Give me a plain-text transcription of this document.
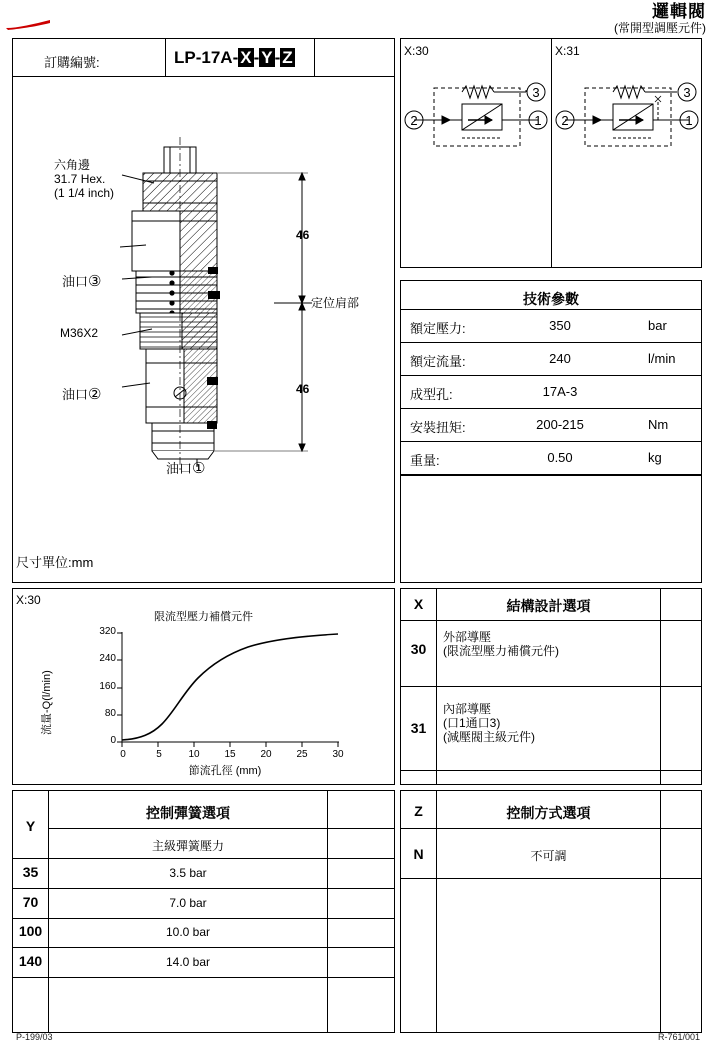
邏輯閥
(常開型調壓元件)
訂購編號:	LP-17A- X - Y - Z
六角邊
31.7 Hex.
(1 1/4 inch)
油口③
M36X2
油口②
油口①
46
46
定位肩部
尺寸單位:mm
X:30	X:31
2	1
3
2	1
3
技術參數
額定壓力:	350	bar
額定流量:	240	l/min
成型孔:	17A-3
安裝扭矩:	200-215	Nm
重量:	0.50	kg
X:30
限流型壓力補償元件
流量-Q(l/min)
節流孔徑 (mm)
320
240
160
80
0
0	5	10 15 20 25 30
X	結構設計選項
30
外部導壓
(限流型壓力補償元件)
31
內部導壓
(口1通口3)
(減壓閥主級元件)
Y
控制彈簧選項
主級彈簧壓力
35	3.5 bar
70	7.0 bar
100	10.0 bar
140	14.0 bar
Z	控制方式選項
N	不可調
P-199/03	R-761/001
